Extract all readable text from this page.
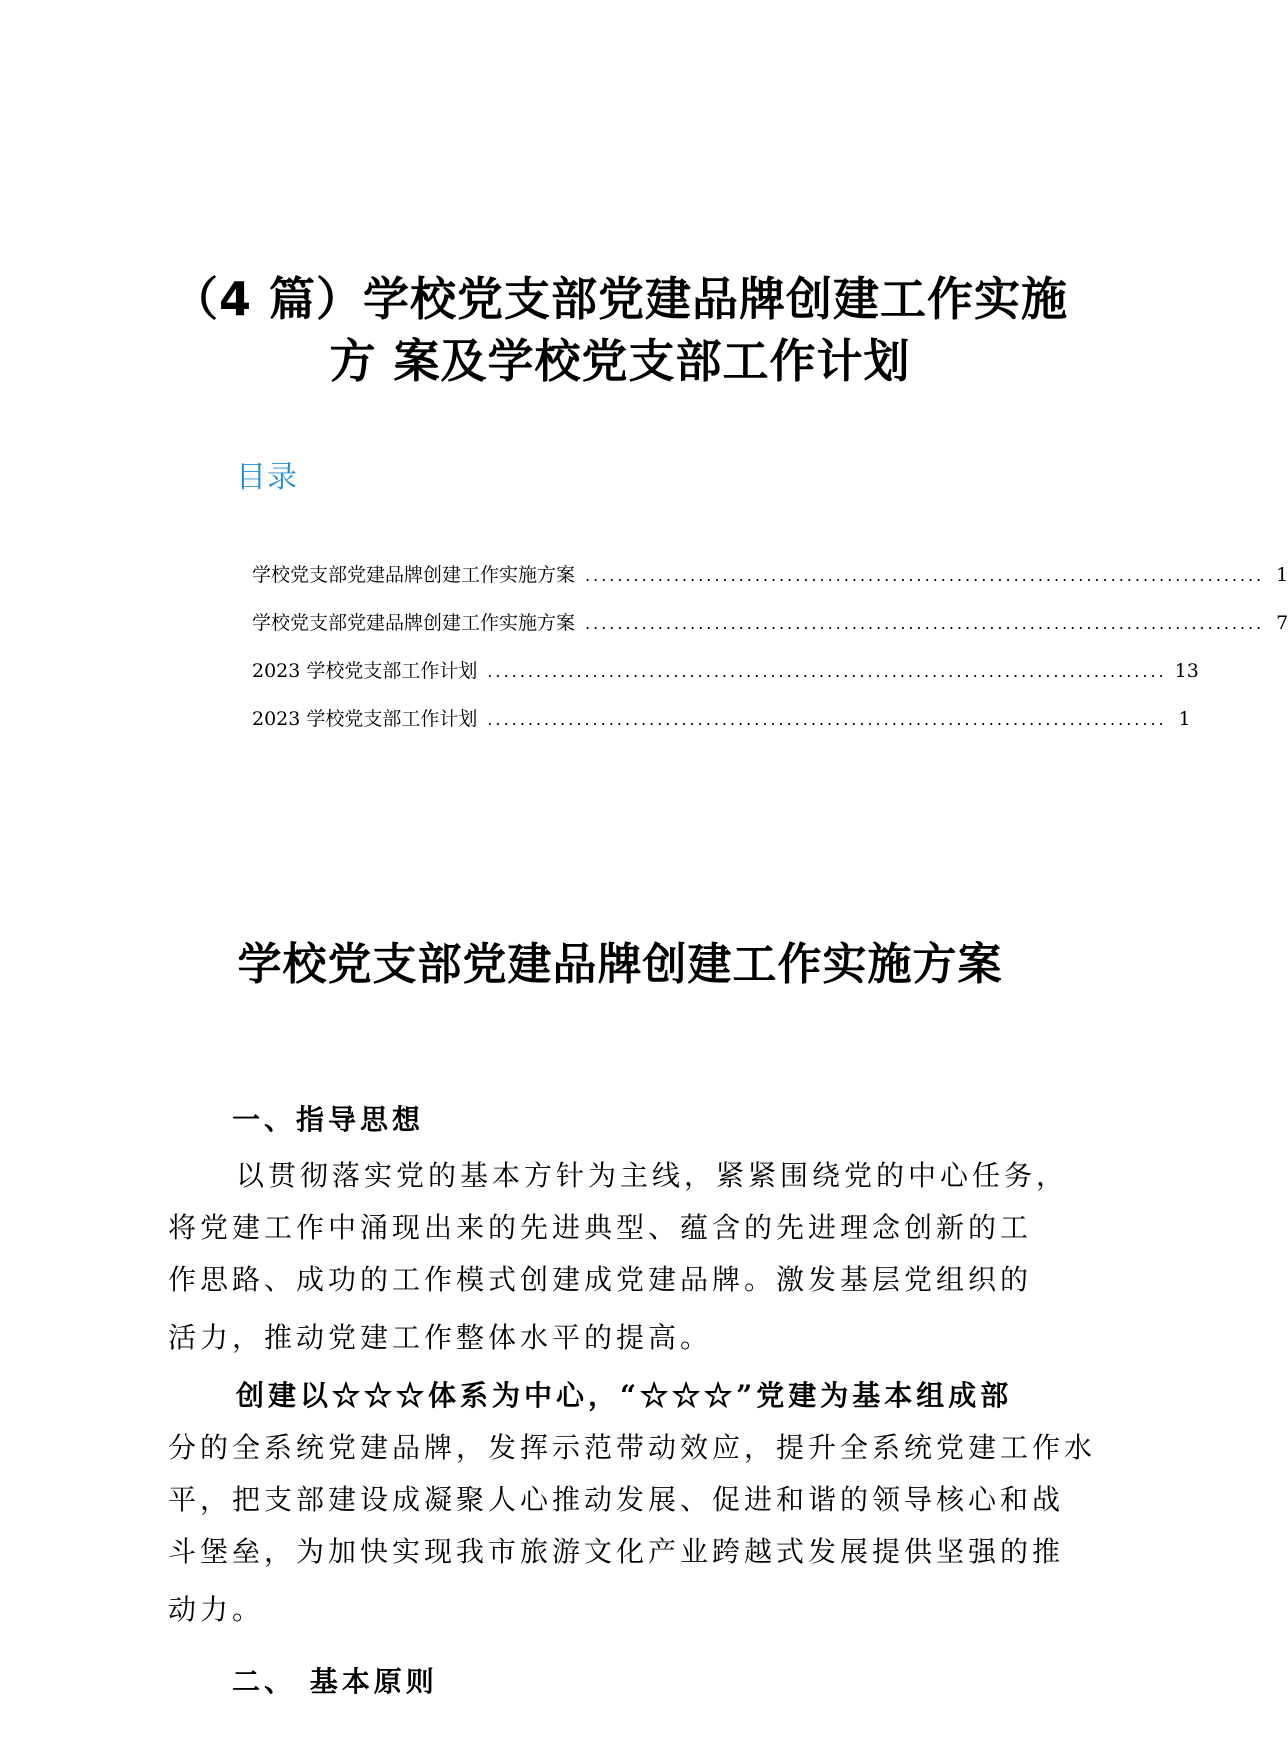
（4 篇）学校党支部党建品牌创建工作实施
方 案及学校党支部工作计划
目录
学校党支部党建品牌创建工作实施方案 .................................................................................... 1
学校党支部党建品牌创建工作实施方案 .................................................................................... 7
2023 学校党支部工作计划 .................................................................................... 13
2023 学校党支部工作计划 .................................................................................... 1
学校党支部党建品牌创建工作实施方案
一、指导思想
以贯彻落实党的基本方针为主线，紧紧围绕党的中心任务，
将党建工作中涌现出来的先进典型、蕴含的先进理念创新的工
作思路、成功的工作模式创建成党建品牌。激发基层党组织的
活力，推动党建工作整体水平的提高。
创建以☆☆☆体系为中心，“☆☆☆”党建为基本组成部
分的全系统党建品牌，发挥示范带动效应，提升全系统党建工作水
平，把支部建设成凝聚人心推动发展、促进和谐的领导核心和战
斗堡垒，为加快实现我市旅游文化产业跨越式发展提供坚强的推
动力。
二、 基本原则
